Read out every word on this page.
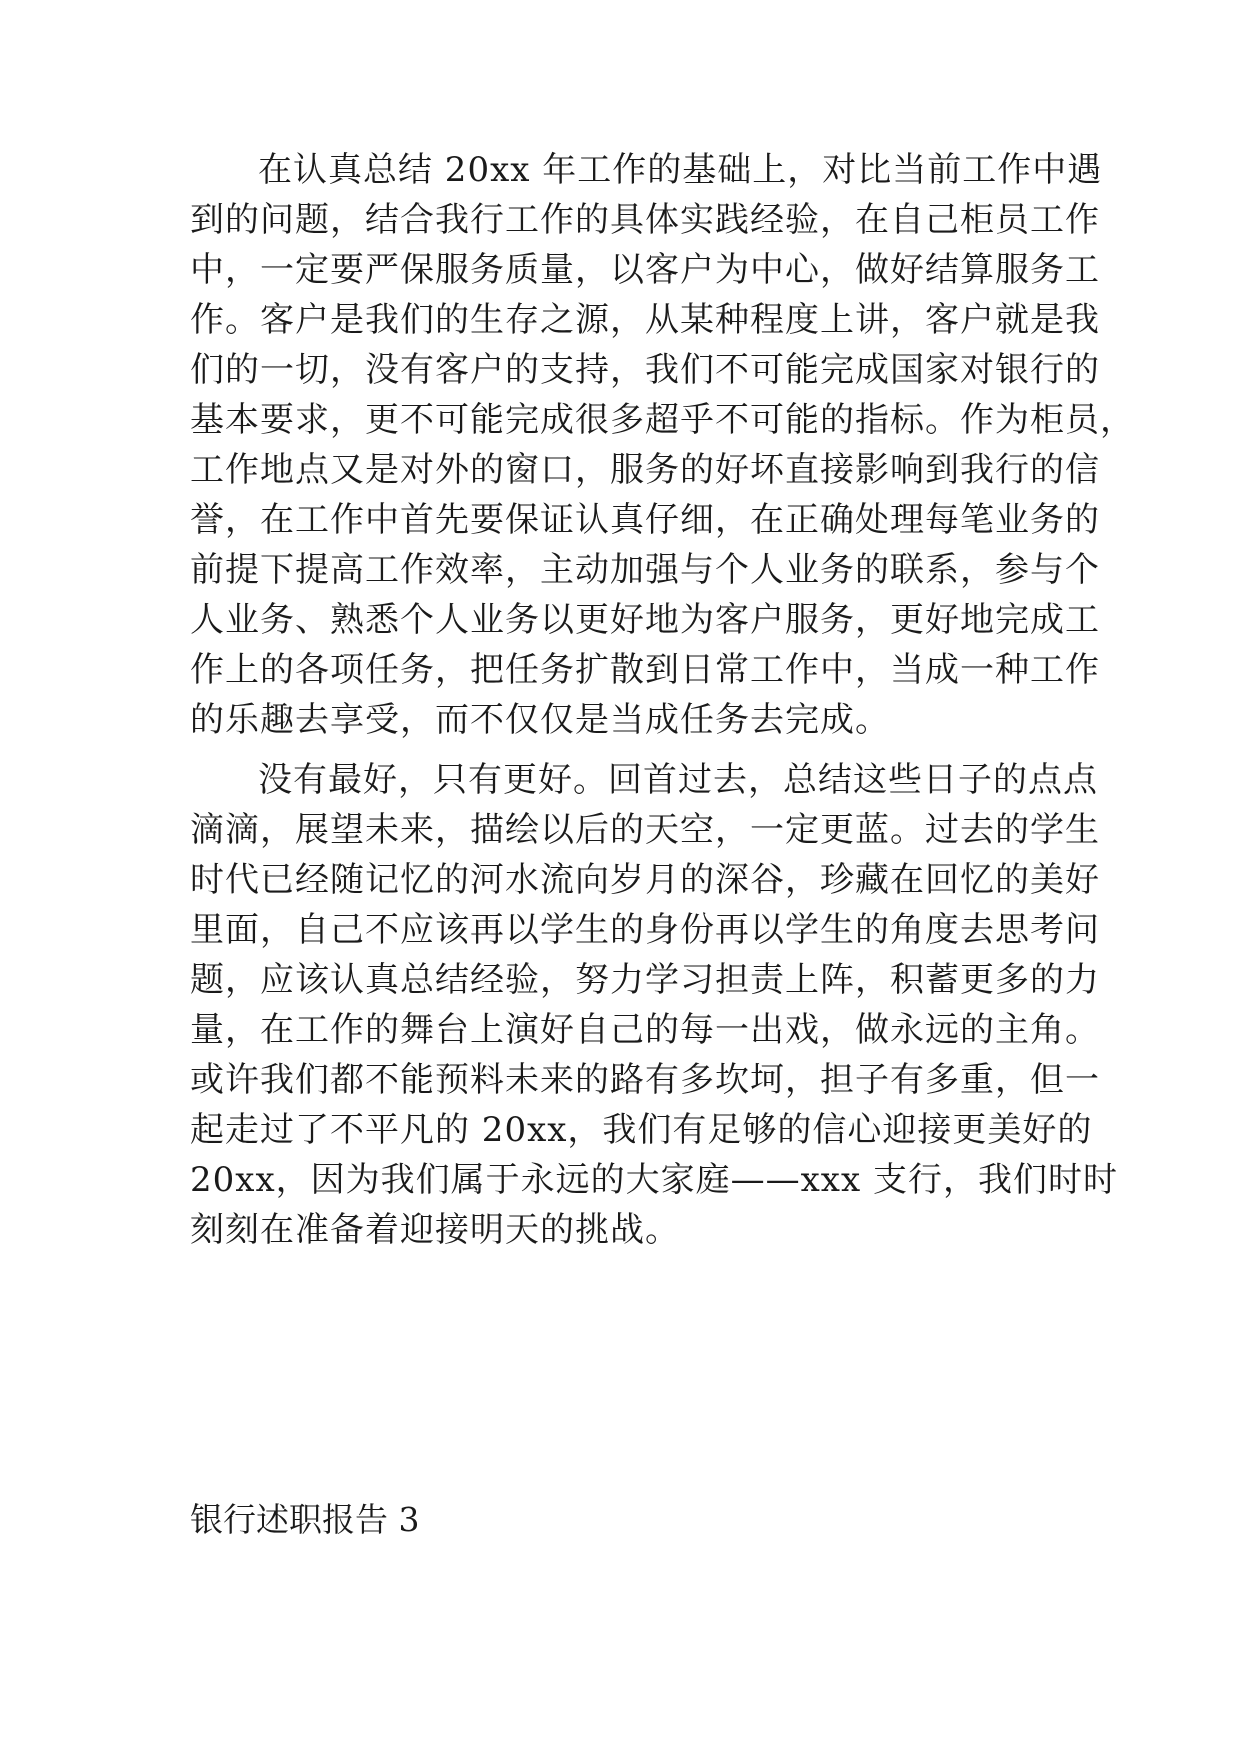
在认真总结 20xx 年工作的基础上，对比当前工作中遇
到的问题，结合我行工作的具体实践经验，在自己柜员工作
中，一定要严保服务质量，以客户为中心，做好结算服务工
作。客户是我们的生存之源，从某种程度上讲，客户就是我
们的一切，没有客户的支持，我们不可能完成国家对银行的
基本要求，更不可能完成很多超乎不可能的指标。作为柜员，
工作地点又是对外的窗口，服务的好坏直接影响到我行的信
誉，在工作中首先要保证认真仔细，在正确处理每笔业务的
前提下提高工作效率，主动加强与个人业务的联系，参与个
人业务、熟悉个人业务以更好地为客户服务，更好地完成工
作上的各项任务，把任务扩散到日常工作中，当成一种工作
的乐趣去享受，而不仅仅是当成任务去完成。
没有最好，只有更好。回首过去，总结这些日子的点点
滴滴，展望未来，描绘以后的天空，一定更蓝。过去的学生
时代已经随记忆的河水流向岁月的深谷，珍藏在回忆的美好
里面，自己不应该再以学生的身份再以学生的角度去思考问
题，应该认真总结经验，努力学习担责上阵，积蓄更多的力
量，在工作的舞台上演好自己的每一出戏，做永远的主角。
或许我们都不能预料未来的路有多坎坷，担子有多重，但一
起走过了不平凡的 20xx，我们有足够的信心迎接更美好的
20xx，因为我们属于永远的大家庭——xxx 支行，我们时时
刻刻在准备着迎接明天的挑战。
银行述职报告 3
